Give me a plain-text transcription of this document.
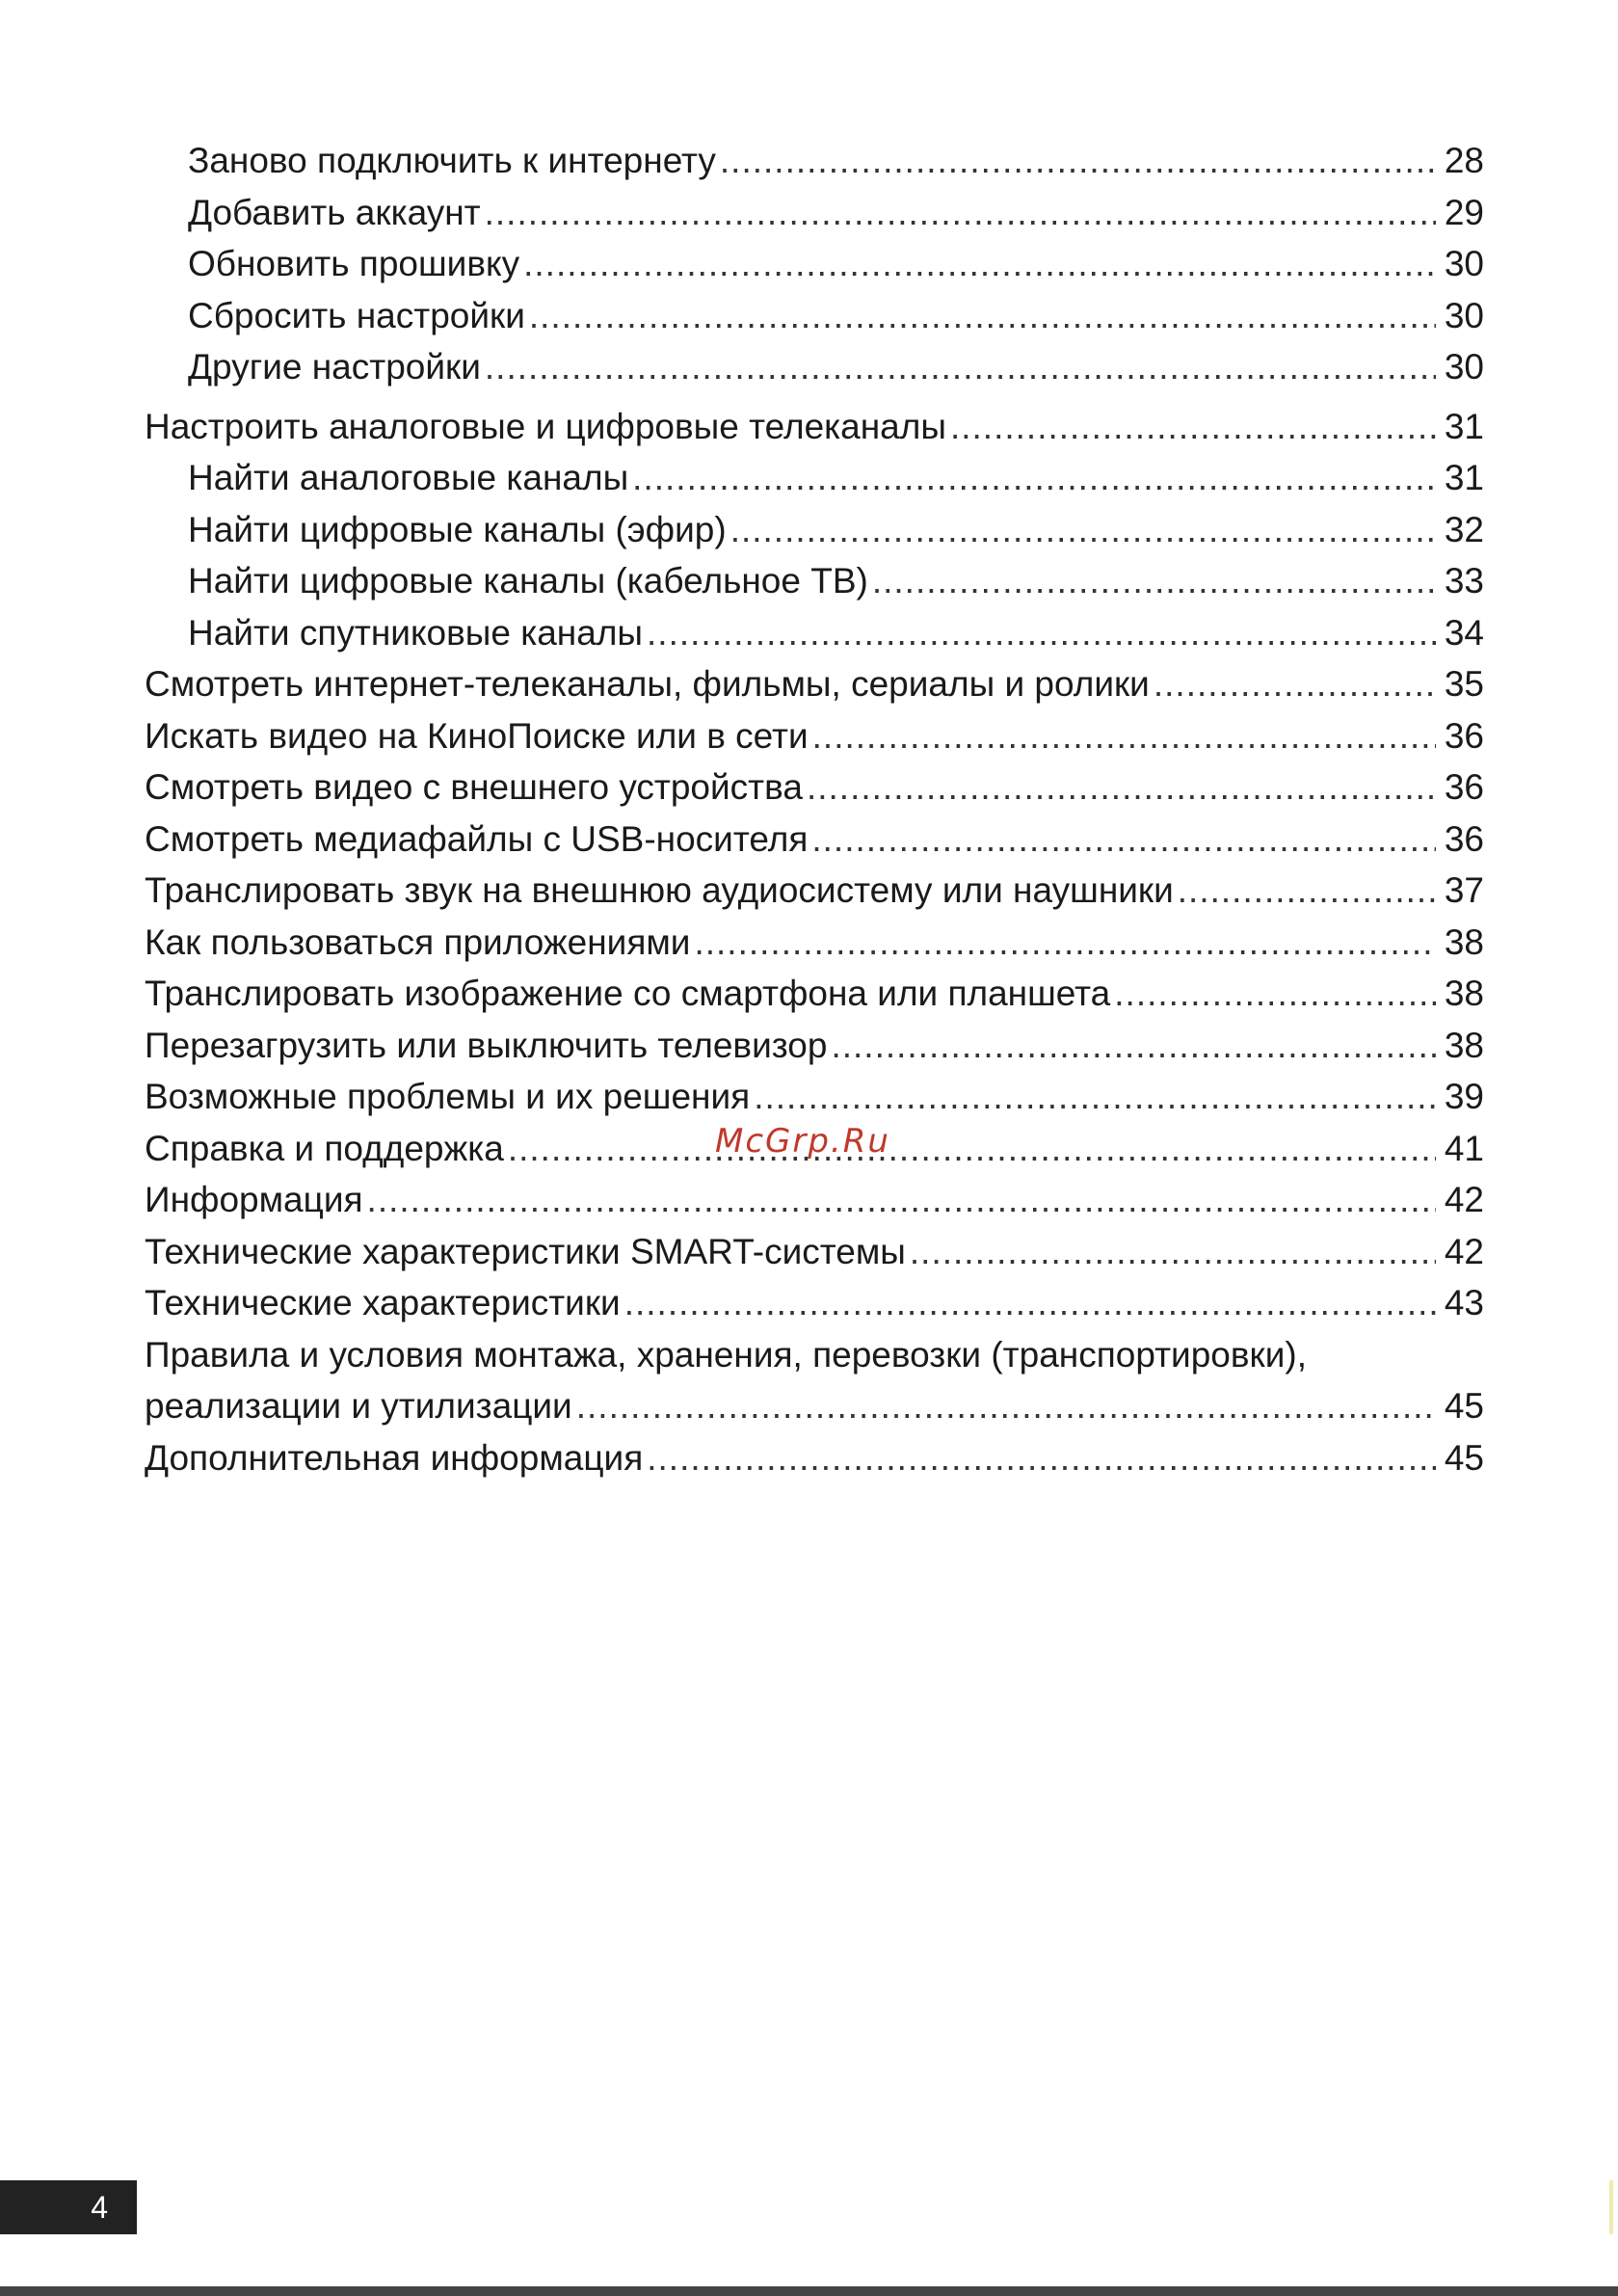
Заново подключить к интернету .....	28
Добавить аккаунт .....	29
Обновить прошивку .....	30
Сбросить настройки .....	30
Другие настройки .....	30
Настроить аналоговые и цифровые телеканалы .....	31
Найти аналоговые каналы .....	31
Найти цифровые каналы (эфир) .....	32
Найти цифровые каналы (кабельное ТВ) .....	33
Найти спутниковые каналы .....	34
Смотреть интернет-телеканалы, фильмы, сериалы и ролики .....	35
Искать видео на КиноПоиске или в сети .....	36
Смотреть видео с внешнего устройства .....	36
Смотреть медиафайлы с USB-носителя .....	36
Транслировать звук на внешнюю аудиосистему или наушники .....	37
Как пользоваться приложениями .....	38
Транслировать изображение со смартфона или планшета .....	38
Перезагрузить или выключить телевизор .....	38
Возможные проблемы и их решения .....	39
Справка и поддержка .....	41
Информация .....	42
Технические характеристики SMART-системы .....	42
Технические характеристики .....	43
Правила и условия монтажа, хранения, перевозки (транспортировки),
реализации и утилизации .....	45
Дополнительная информация .....	45
McGrp.Ru
4
